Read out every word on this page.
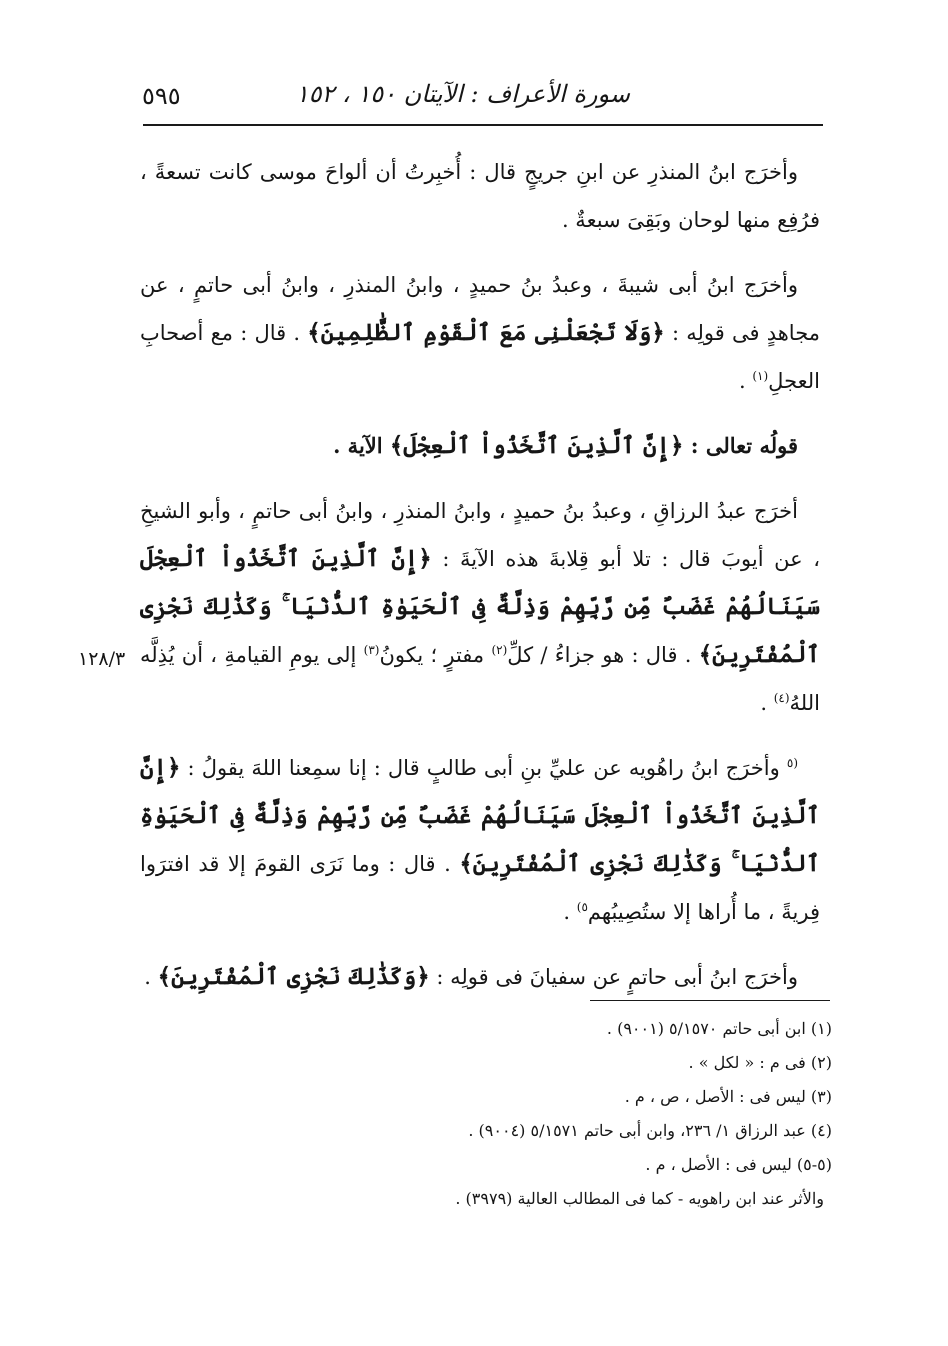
٥٩٥	سورة الأعراف : الآيتان ١٥٠ ، ١٥٢
١٢٨/٣

وأخرَج ابنُ المنذرِ عن ابنِ جريجٍ قال : أُخبِرتُ أن ألواحَ موسى كانت تسعةً ، فرُفِع منها لوحان وبَقِىَ سبعةٌ .

وأخرَج ابنُ أبى شيبةَ ، وعبدُ بنُ حميدٍ ، وابنُ المنذرِ ، وابنُ أبى حاتمٍ ، عن مجاهدٍ فى قولِه : ﴿وَلَا تَجْعَلْنِى مَعَ ٱلْقَوْمِ ٱلظَّٰلِمِينَ﴾ . قال : مع أصحابِ العجلِ$^{(١)}$ .

قولُه تعالى : ﴿إِنَّ ٱلَّذِينَ ٱتَّخَذُواْ ٱلْعِجْلَ﴾ الآية .

أخرَج عبدُ الرزاقِ ، وعبدُ بنُ حميدٍ ، وابنُ المنذرِ ، وابنُ أبى حاتمٍ ، وأبو الشيخِ ، عن أيوبَ قال : تلا أبو قِلابةَ هذه الآيةَ : ﴿إِنَّ ٱلَّذِينَ ٱتَّخَذُواْ ٱلْعِجْلَ سَيَنَالُهُمْ غَضَبٌ مِّن رَّبِّهِمْ وَذِلَّةٌ فِى ٱلْحَيَوٰةِ ٱلدُّنْيَا ۚ وَكَذَٰلِكَ نَجْزِى ٱلْمُفْتَرِينَ﴾ . قال : هو جزاءُ / كلِّ$^{(٢)}$ مفترٍ ؛ يكونُ$^{(٣)}$ إلى يومِ القيامةِ ، أن يُذِلَّه اللهُ$^{(٤)}$ .

$^{(٥}$ وأخرَج ابنُ راهُويه عن عليِّ بنِ أبى طالبٍ قال : إنا سمِعنا اللهَ يقولُ : ﴿إِنَّ ٱلَّذِينَ ٱتَّخَذُواْ ٱلْعِجْلَ سَيَنَالُهُمْ غَضَبٌ مِّن رَّبِّهِمْ وَذِلَّةٌ فِى ٱلْحَيَوٰةِ ٱلدُّنْيَا ۚ وَكَذَٰلِكَ نَجْزِى ٱلْمُفْتَرِينَ﴾ . قال : وما نَرَى القومَ إلا قد افترَوا فِريةً ، ما أُراها إلا ستُصِيبُهم$^{٥)}$ .

وأخرَج ابنُ أبى حاتمٍ عن سفيانَ فى قولِه : ﴿وَكَذَٰلِكَ نَجْزِى ٱلْمُفْتَرِينَ﴾ .

(١) ابن أبى حاتم ٥/١٥٧٠ (٩٠٠١) .

(٢) فى م : « لكل » .

(٣) ليس فى : الأصل ، ص ، م .

(٤) عبد الرزاق ١/ ٢٣٦، وابن أبى حاتم ٥/١٥٧١ (٩٠٠٤) .

(٥-٥) ليس فى : الأصل ، م .

والأثر عند ابن راهويه - كما فى المطالب العالية (٣٩٧٩) .
